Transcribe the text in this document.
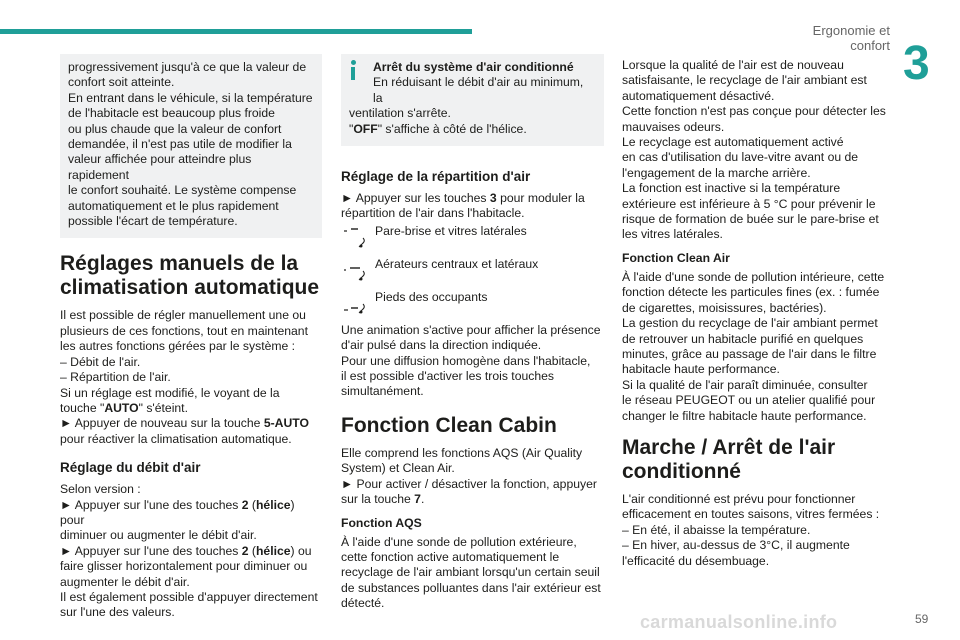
Ergonomie et confort 3
progressivement jusqu'à ce que la valeur de
confort soit atteinte.
En entrant dans le véhicule, si la température
de l'habitacle est beaucoup plus froide
ou plus chaude que la valeur de confort
demandée, il n'est pas utile de modifier la
valeur affichée pour atteindre plus rapidement
le confort souhaité. Le système compense
automatiquement et le plus rapidement
possible l'écart de température.
Réglages manuels de la
climatisation automatique
Il est possible de régler manuellement une ou
plusieurs de ces fonctions, tout en maintenant
les autres fonctions gérées par le système :
– Débit de l'air.
– Répartition de l'air.
Si un réglage est modifié, le voyant de la
touche "AUTO" s'éteint.
► Appuyer de nouveau sur la touche 5-AUTO
pour réactiver la climatisation automatique.
Réglage du débit d'air
Selon version :
► Appuyer sur l'une des touches 2 (hélice) pour
diminuer ou augmenter le débit d'air.
► Appuyer sur l'une des touches 2 (hélice) ou
faire glisser horizontalement pour diminuer ou
augmenter le débit d'air.
Il est également possible d'appuyer directement
sur l'une des valeurs.
Arrêt du système d'air conditionné
En réduisant le débit d'air au minimum, la
ventilation s'arrête.
"OFF" s'affiche à côté de l'hélice.
Réglage de la répartition d'air
► Appuyer sur les touches 3 pour moduler la
répartition de l'air dans l'habitacle.
Pare-brise et vitres latérales
Aérateurs centraux et latéraux
Pieds des occupants
Une animation s'active pour afficher la présence
d'air pulsé dans la direction indiquée.
Pour une diffusion homogène dans l'habitacle,
il est possible d'activer les trois touches
simultanément.
Fonction Clean Cabin
Elle comprend les fonctions AQS (Air Quality
System) et Clean Air.
► Pour activer / désactiver la fonction, appuyer
sur la touche 7.
Fonction AQS
À l'aide d'une sonde de pollution extérieure,
cette fonction active automatiquement le
recyclage de l'air ambiant lorsqu'un certain seuil
de substances polluantes dans l'air extérieur est
détecté.
Lorsque la qualité de l'air est de nouveau
satisfaisante, le recyclage de l'air ambiant est
automatiquement désactivé.
Cette fonction n'est pas conçue pour détecter les
mauvaises odeurs.
Le recyclage est automatiquement activé
en cas d'utilisation du lave-vitre avant ou de
l'engagement de la marche arrière.
La fonction est inactive si la température
extérieure est inférieure à 5 °C pour prévenir le
risque de formation de buée sur le pare-brise et
les vitres latérales.
Fonction Clean Air
À l'aide d'une sonde de pollution intérieure, cette
fonction détecte les particules fines (ex. : fumée
de cigarettes, moisissures, bactéries).
La gestion du recyclage de l'air ambiant permet
de retrouver un habitacle purifié en quelques
minutes, grâce au passage de l'air dans le filtre
habitacle haute performance.
Si la qualité de l'air paraît diminuée, consulter
le réseau PEUGEOT ou un atelier qualifié pour
changer le filtre habitacle haute performance.
Marche / Arrêt de l'air
conditionné
L'air conditionné est prévu pour fonctionner
efficacement en toutes saisons, vitres fermées :
– En été, il abaisse la température.
– En hiver, au-dessus de 3°C, il augmente
l'efficacité du désembuage.
carmanualsonline.info	59
